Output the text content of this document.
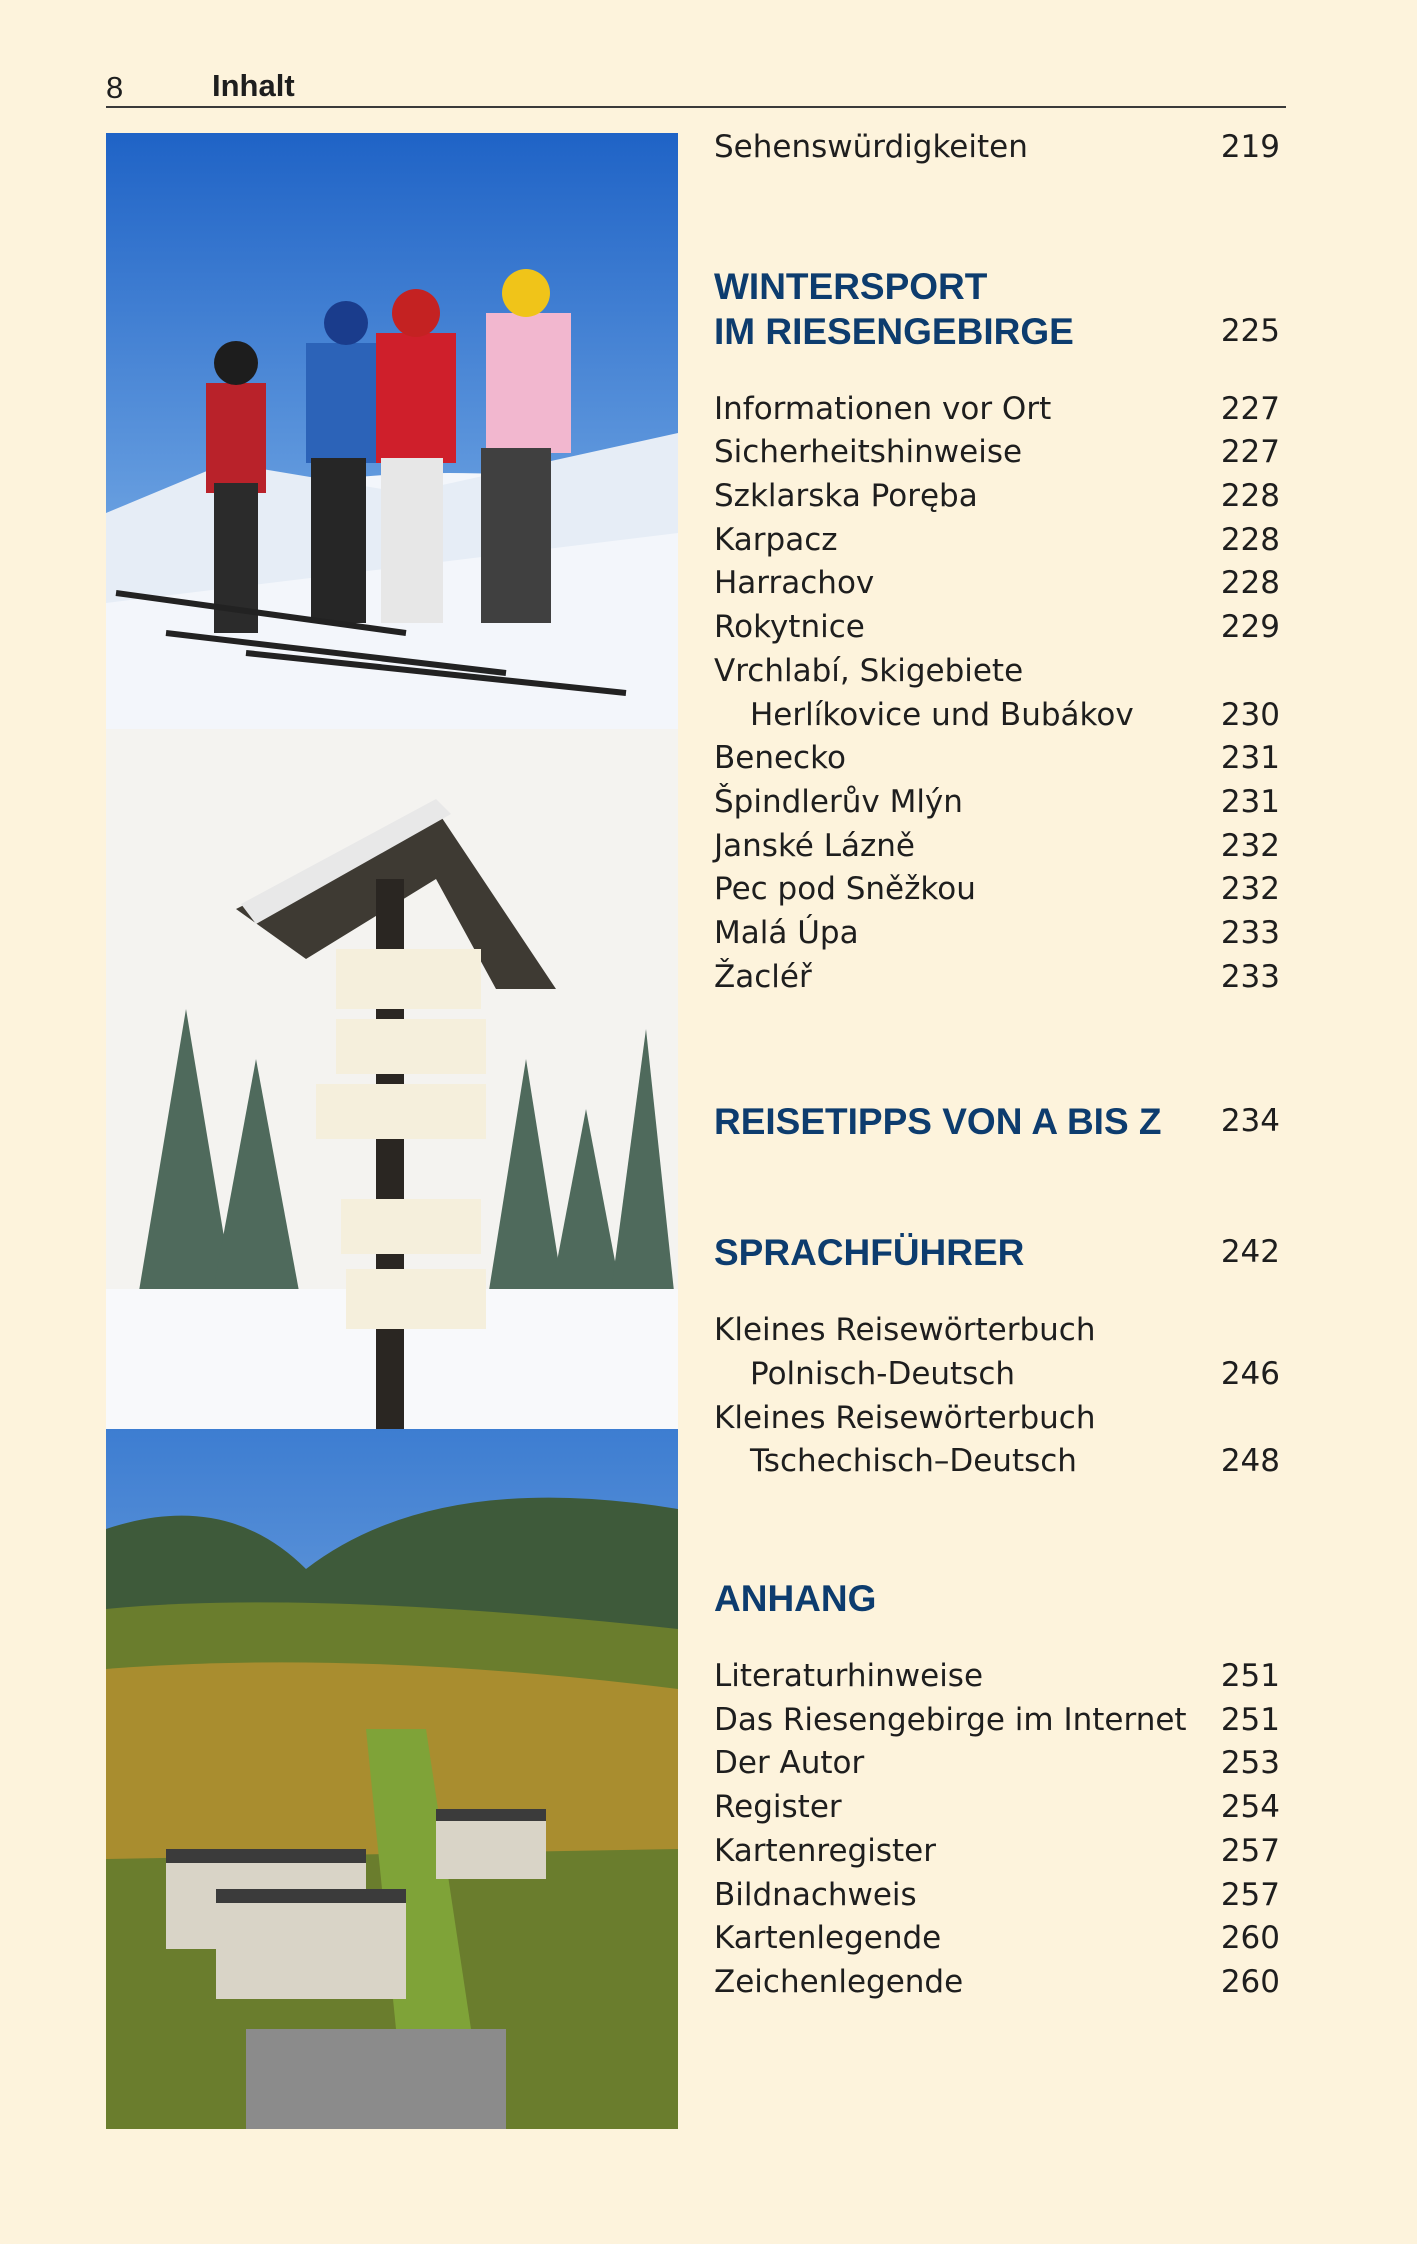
8	Inhalt
Sehenswürdigkeiten	219
WINTERSPORT
IM RIESENGEBIRGE	225
Informationen vor Ort	227
Sicherheitshinweise	227
Szklarska Poręba	228
Karpacz	228
Harrachov	228
Rokytnice	229
Vrchlabí, Skigebiete
Herlíkovice und Bubákov	230
Benecko	231
Špindlerův Mlýn	231
Janské Lázně	232
Pec pod Sněžkou	232
Malá Úpa	233
Žacléř	233
REISETIPPS VON A BIS Z	234
SPRACHFÜHRER	242
Kleines Reisewörterbuch
Polnisch-Deutsch	246
Kleines Reisewörterbuch
Tschechisch–Deutsch	248
ANHANG
Literaturhinweise	251
Das Riesengebirge im Internet 251
Der Autor	253
Register	254
Kartenregister	257
Bildnachweis	257
Kartenlegende	260
Zeichenlegende	260
